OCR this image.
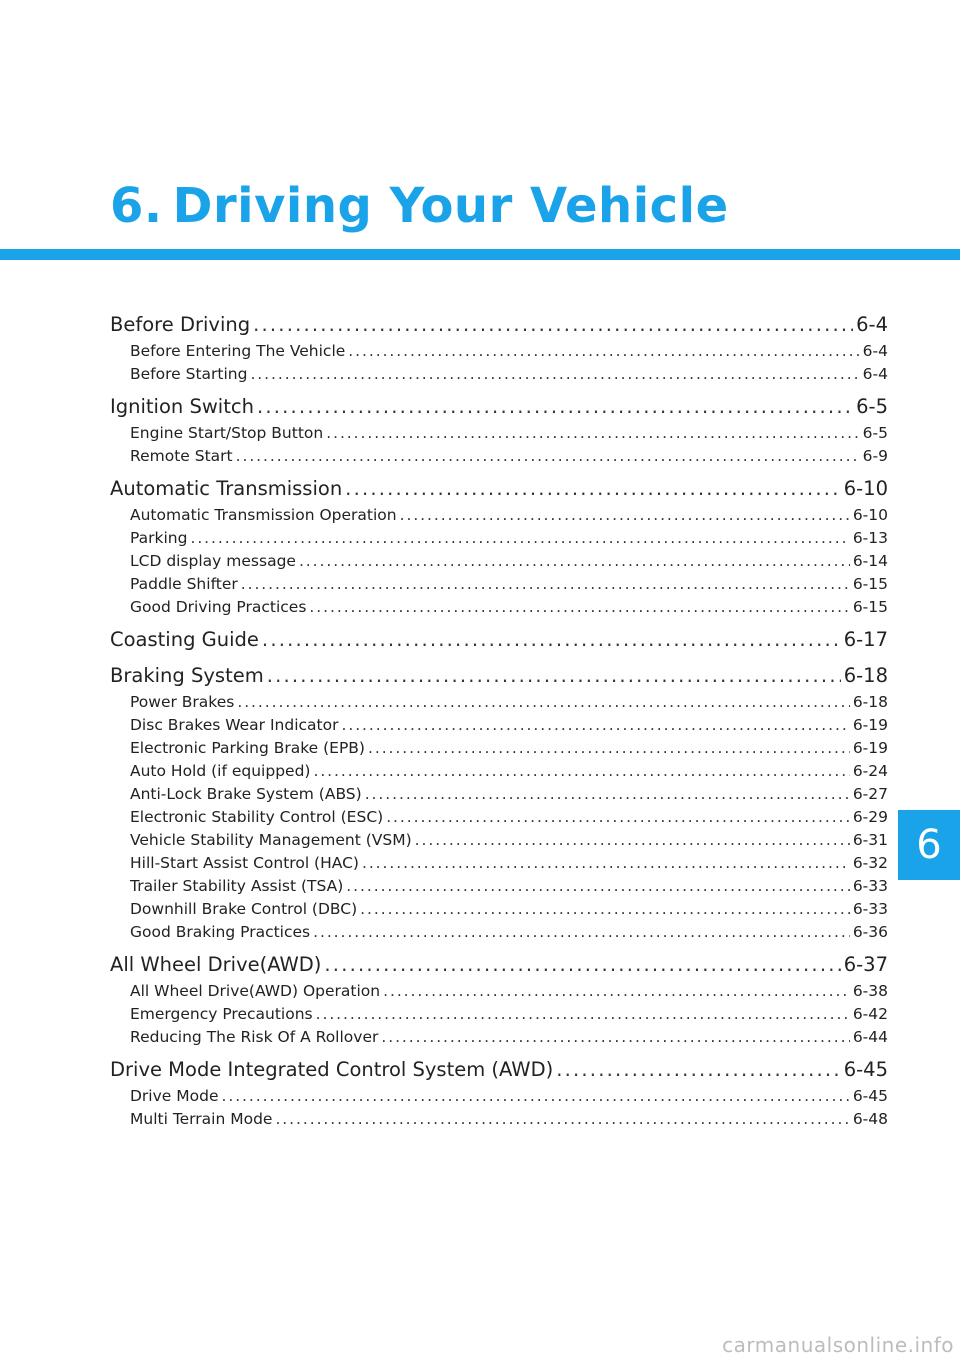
6. Driving Your Vehicle
Before Driving . . .	6-4
Before Entering The Vehicle . . .	6-4
Before Starting . . .	6-4
Ignition Switch . . .	6-5
Engine Start/Stop Button . . .	6-5
Remote Start . . .	6-9
Automatic Transmission . . .	6-10
Automatic Transmission Operation . . .	6-10
Parking . . .	6-13
LCD display message . . .	6-14
Paddle Shifter . . .	6-15
Good Driving Practices . . .	6-15
Coasting Guide . . .	6-17
Braking System . . .	6-18
Power Brakes . . .	6-18
Disc Brakes Wear Indicator . . .	6-19
Electronic Parking Brake (EPB) . . .	6-19
Auto Hold (if equipped) . . .	6-24
Anti-Lock Brake System (ABS) . . .	6-27
Electronic Stability Control (ESC) . . .	6-29
Vehicle Stability Management (VSM) . . .	6-31
Hill-Start Assist Control (HAC) . . .	6-32
Trailer Stability Assist (TSA) . . .	6-33
Downhill Brake Control (DBC) . . .	6-33
Good Braking Practices . . .	6-36
All Wheel Drive(AWD) . . .	6-37
All Wheel Drive(AWD) Operation . . .	6-38
Emergency Precautions . . .	6-42
Reducing The Risk Of A Rollover . . .	6-44
Drive Mode Integrated Control System (AWD) . . .	6-45
Drive Mode . . .	6-45
Multi Terrain Mode . . .	6-48
6
carmanualsonline.info
